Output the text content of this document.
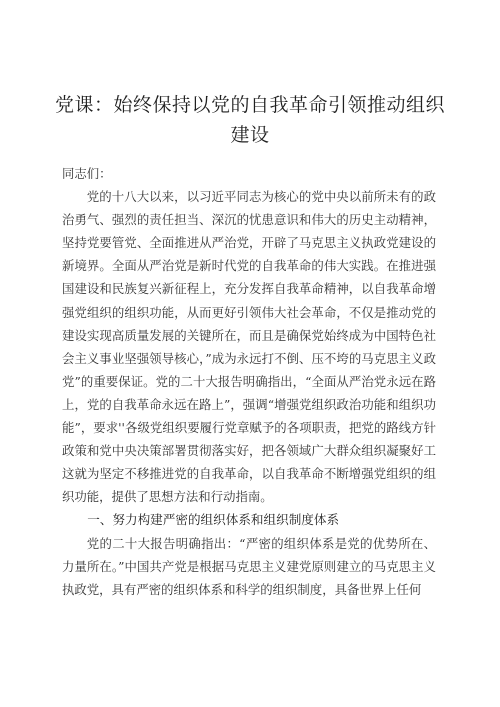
党课：始终保持以党的自我革命引领推动组织建设

同志们：

党的十八大以来，以习近平同志为核心的党中央以前所未有的政治勇气、强烈的责任担当、深沉的忧患意识和伟大的历史主动精神，坚持党要管党、全面推进从严治党，开辟了马克思主义执政党建设的新境界。全面从严治党是新时代党的自我革命的伟大实践。在推进强国建设和民族复兴新征程上，充分发挥自我革命精神，以自我革命增强党组织的组织功能，从而更好引领伟大社会革命，不仅是推动党的建设实现高质量发展的关键所在，而且是确保党始终成为中国特色社会主义事业坚强领导核心，”成为永远打不倒、压不垮的马克思主义政党”的重要保证。党的二十大报告明确指出，“全面从严治党永远在路上，党的自我革命永远在路上”，强调“增强党组织政治功能和组织功能”，要求''各级党组织要履行党章赋予的各项职责，把党的路线方针政策和党中央决策部署贯彻落实好，把各领域广大群众组织凝聚好工这就为坚定不移推进党的自我革命，以自我革命不断增强党组织的组织功能，提供了思想方法和行动指南。

一、努力构建严密的组织体系和组织制度体系

党的二十大报告明确指出：“严密的组织体系是党的优势所在、力量所在。”中国共产党是根据马克思主义建党原则建立的马克思主义执政党，具有严密的组织体系和科学的组织制度，具备世界上任何
